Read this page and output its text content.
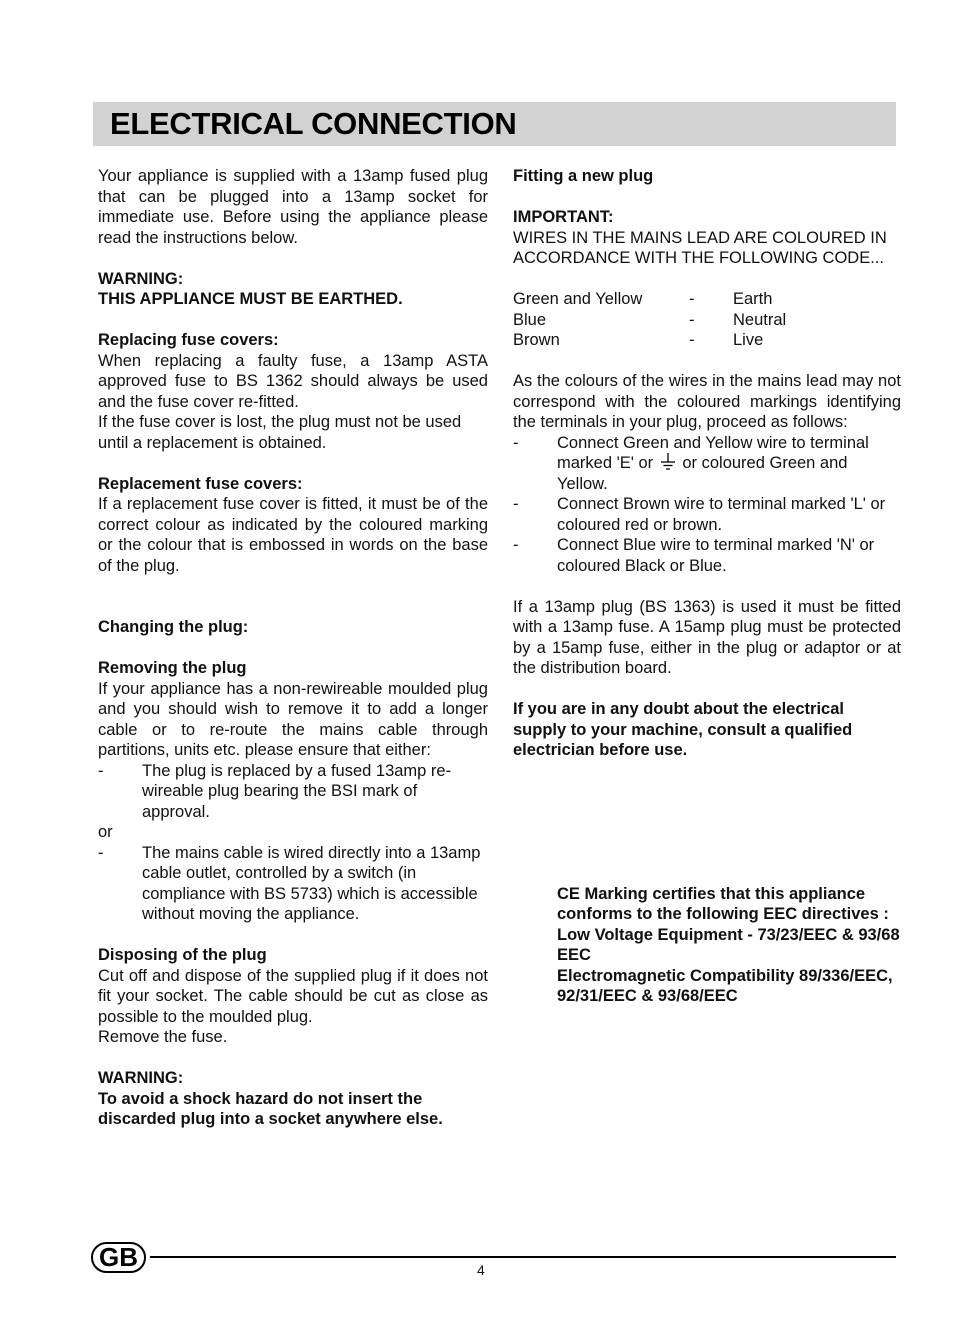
ELECTRICAL CONNECTION

Your appliance is supplied with a 13amp fused plug that can be plugged into a 13amp socket for immediate use. Before using the appliance please read the instructions below.

WARNING:

THIS APPLIANCE MUST BE EARTHED.

Replacing fuse covers:

When replacing a faulty fuse, a 13amp ASTA approved fuse to BS 1362 should always be used and the fuse cover re-fitted.

If the fuse cover is lost, the plug must not be used until a replacement is obtained.

Replacement fuse covers:

If a replacement fuse cover is fitted, it must be of the correct colour as indicated by the coloured marking or the colour that is embossed in words on the base of the plug.

Changing the plug:

Removing the plug

If your appliance has a non-rewireable moulded plug and you should wish to remove it to add a longer cable or to re-route the mains cable through partitions, units etc. please ensure that either:

-	The plug is replaced by a fused 13amp re-wireable plug bearing the BSI mark of approval.

or

-	The mains cable is wired directly into a 13amp cable outlet, controlled by a switch (in compliance with BS 5733) which is accessible without moving the appliance.

Disposing of the plug

Cut off and dispose of the supplied plug if it does not fit your socket. The cable should be cut as close as possible to the moulded plug.

Remove the fuse.

WARNING:

To avoid a shock hazard do not insert the discarded plug into a socket anywhere else.

Fitting a new plug

IMPORTANT:

WIRES IN THE MAINS LEAD ARE COLOURED IN ACCORDANCE WITH THE FOLLOWING CODE...

Green and Yellow	-	Earth
Blue	-	Neutral
Brown	-	Live

As the colours of the wires in the mains lead may not correspond with the coloured markings identifying the terminals in your plug, proceed as follows:

-	Connect Green and Yellow wire to terminal marked 'E' or or coloured Green and Yellow.
-	Connect Brown wire to terminal marked 'L' or coloured red or brown.
-	Connect Blue wire to terminal marked 'N' or coloured Black or Blue.

If a 13amp plug (BS 1363) is used it must be fitted with a 13amp fuse. A 15amp plug must be protected by a 15amp fuse, either in the plug or adaptor or at the distribution board.

If you are in any doubt about the electrical supply to your machine, consult a qualified electrician before use.

CE Marking certifies that this appliance conforms to the following EEC directives :

Low Voltage Equipment - 73/23/EEC & 93/68 EEC

Electromagnetic Compatibility 89/336/EEC, 92/31/EEC & 93/68/EEC

GB	4
